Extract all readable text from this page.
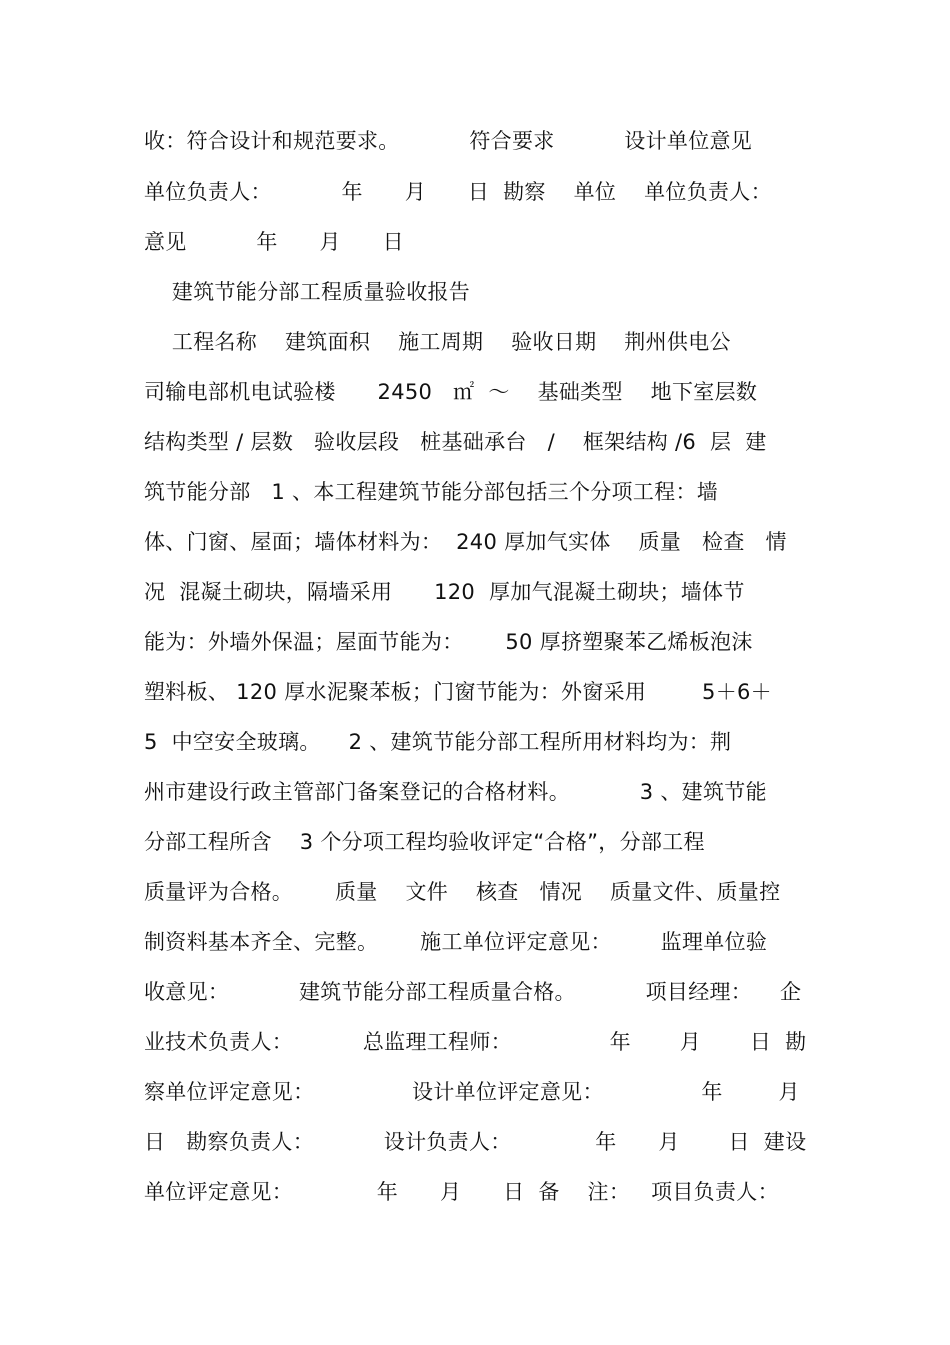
收：符合设计和规范要求。          符合要求          设计单位意见
单位负责人：          年      月      日  勘察    单位    单位负责人：
意见          年      月      日
建筑节能分部工程质量验收报告
工程名称    建筑面积    施工周期    验收日期    荆州供电公
司输电部机电试验楼      2450   ㎡  ～    基础类型    地下室层数
结构类型 / 层数   验收层段   桩基础承台   /    框架结构 /6  层  建
筑节能分部   1 、本工程建筑节能分部包括三个分项工程：墙
体、门窗、屋面；墙体材料为：  240 厚加气实体    质量   检查   情
况  混凝土砌块，隔墙采用      120  厚加气混凝土砌块；墙体节
能为：外墙外保温；屋面节能为：      50 厚挤塑聚苯乙烯板泡沫
塑料板、 120 厚水泥聚苯板；门窗节能为：外窗采用        5＋6＋
5  中空安全玻璃。    2 、建筑节能分部工程所用材料均为：荆
州市建设行政主管部门备案登记的合格材料。          3 、建筑节能
分部工程所含    3 个分项工程均验收评定“合格”，分部工程
质量评为合格。      质量    文件    核查   情况    质量文件、质量控
制资料基本齐全、完整。      施工单位评定意见：       监理单位验
收意见：          建筑节能分部工程质量合格。          项目经理：    企
业技术负责人：          总监理工程师：              年       月       日  勘
察单位评定意见：              设计单位评定意见：              年        月
日   勘察负责人：          设计负责人：            年      月       日  建设
单位评定意见：            年      月      日  备    注：   项目负责人：
